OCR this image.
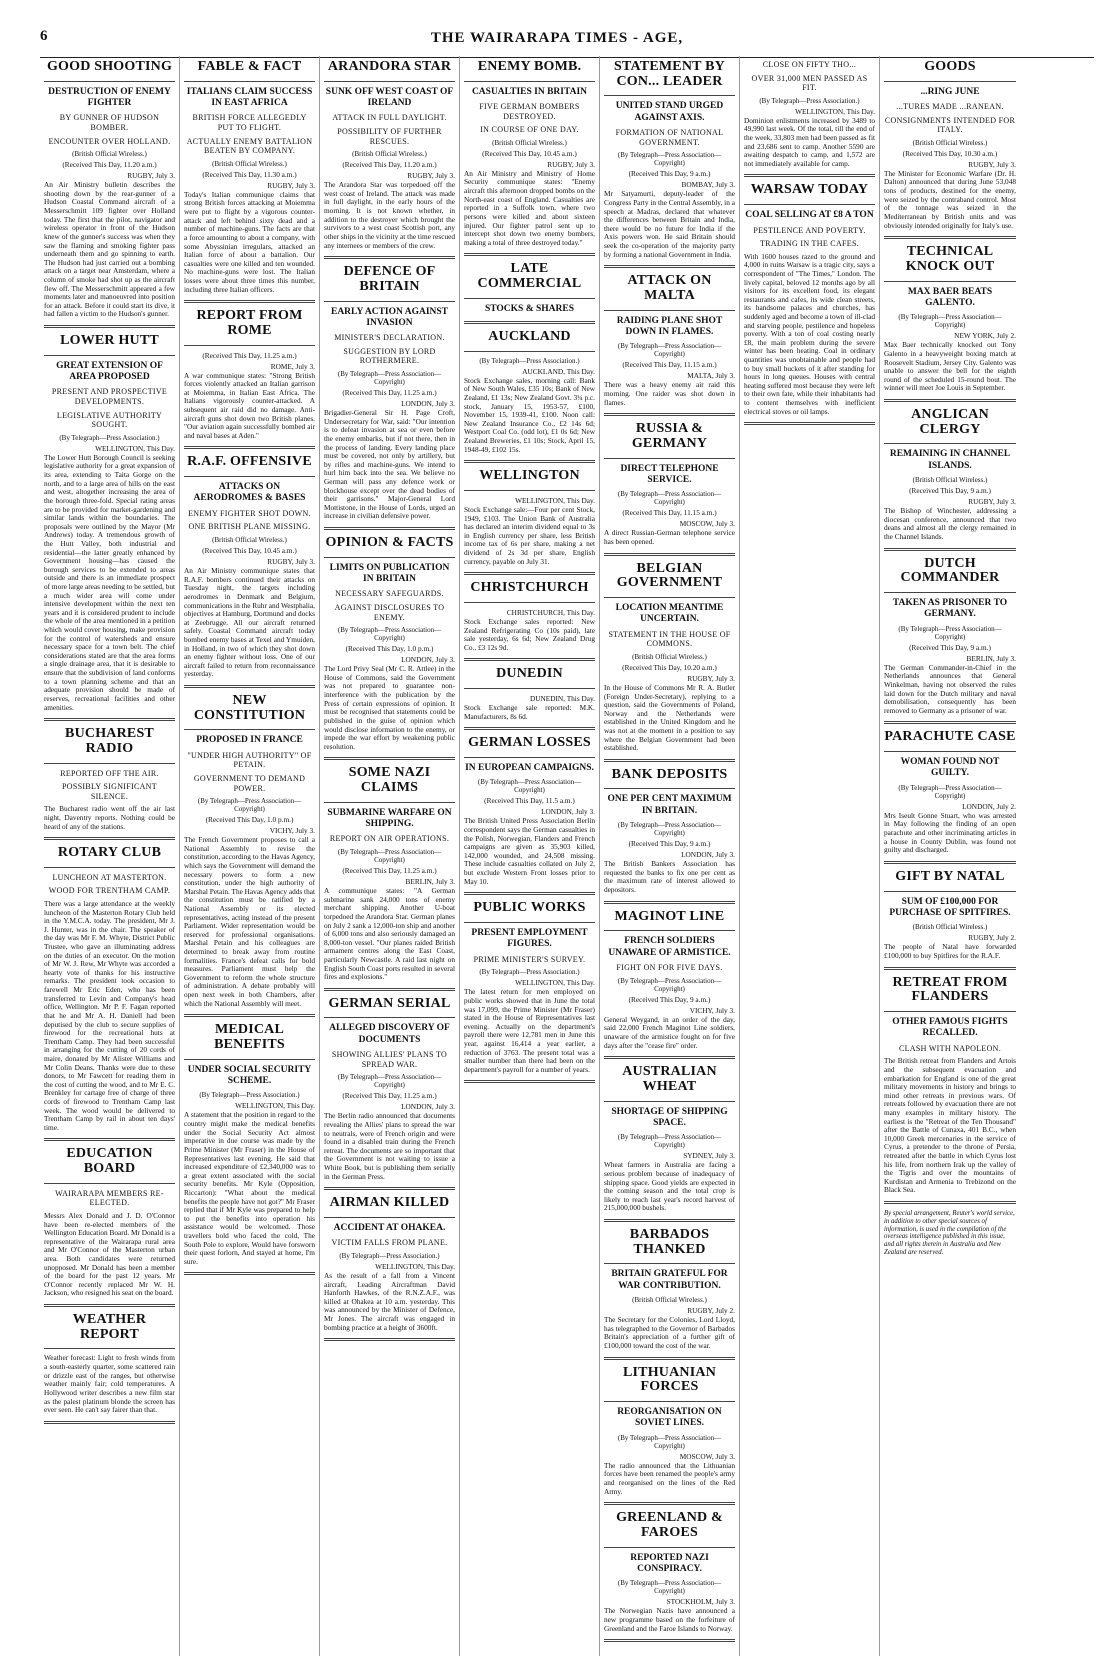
6	THE WAIRARAPA TIMES - AGE,
GOOD SHOOTING
DESTRUCTION OF ENEMY FIGHTER
BY GUNNER OF HUDSON BOMBER.
ENCOUNTER OVER HOLLAND.
(British Official Wireless.)
(Received This Day, 11.20 a.m.)
RUGBY, July 3.
An Air Ministry bulletin describes the shooting down by the rear-gunner of a Hudson Coastal Command aircraft of a Messerschmitt 109 fighter over Holland today. The first that the pilot, navigator and wireless operator in front of the Hudson knew of the gunner's success was when they saw the flaming and smoking fighter pass underneath them and go spinning to earth. The Hudson had just carried out a bombing attack on a target near Amsterdam, where a column of smoke had shot up as the aircraft flew off. The Messerschmitt appeared a few moments later and manoeuvred into position for an attack. Before it could start its dive, it had fallen a victim to the Hudson's gunner.
LOWER HUTT
GREAT EXTENSION OF AREA PROPOSED
PRESENT AND PROSPECTIVE DEVELOPMENTS.
LEGISLATIVE AUTHORITY SOUGHT.
(By Telegraph—Press Association.)
WELLINGTON, This Day.
The Lower Hutt Borough Council is seeking legislative authority for a great expansion of its area, extending to Taita Gorge on the north, and to a large area of hills on the east and west, altogether increasing the area of the borough three-fold. Special rating areas are to be provided for market-gardening and similar lands within the boundaries. The proposals were outlined by the Mayor (Mr Andrews) today. A tremendous growth of the Hutt Valley, both industrial and residential—the latter greatly enhanced by Government housing—has caused the borough services to be extended to areas outside and there is an immediate prospect of more large areas needing to be settled, but a much wider area will come under intensive development within the next ten years and it is considered prudent to include the whole of the area mentioned in a petition which would cover housing, make provision for the control of watersheds and ensure necessary space for a town belt. The chief considerations stated are that the area forms a single drainage area, that it is desirable to ensure that the subdivision of land conforms to a town planning scheme and that an adequate provision should be made of reserves, recreational facilities and other amenities.
BUCHAREST RADIO
REPORTED OFF THE AIR.
POSSIBLY SIGNIFICANT SILENCE.
The Bucharest radio went off the air last night, Daventry reports. Nothing could be heard of any of the stations.
ROTARY CLUB
LUNCHEON AT MASTERTON.
WOOD FOR TRENTHAM CAMP.
There was a large attendance at the weekly luncheon of the Masterton Rotary Club held in the Y.M.C.A. today. The president, Mr J. J. Hunter, was in the chair. The speaker of the day was Mr F. M. Whyte, District Public Trustee, who gave an illuminating address on the duties of an executor. On the motion of Mr W. J. Rew, Mr Whyte was accorded a hearty vote of thanks for his instructive remarks. The president took occasion to farewell Mr Eric Eden, who has been transferred to Levin and Company's head office, Wellington. Mr P. F. Fagan reported that he and Mr A. H. Daniell had been deputised by the club to secure supplies of firewood for the recreational huts at Trentham Camp. They had been successful in arranging for the cutting of 20 cords of maire, donated by Mr Alister Williams and Mr Colin Deans. Thanks were due to these donors, to Mr Fawcett for reading them in the cost of cutting the wood, and to Mr E. C. Brenkley for cartage free of charge of three cords of firewood to Trentham Camp last week. The wood would be delivered to Trentham Camp by rail in about ten days' time.
EDUCATION BOARD
WAIRARAPA MEMBERS RE-ELECTED.
Messrs Alex Donald and J. D. O'Connor have been re-elected members of the Wellington Education Board. Mr Donald is a representative of the Wairarapa rural area and Mr O'Connor of the Masterton urban area. Both candidates were returned unopposed. Mr Donald has been a member of the board for the past 12 years. Mr O'Connor recently replaced Mr W. H. Jackson, who resigned his seat on the board.
WEATHER REPORT
Weather forecast: Light to fresh winds from a south-easterly quarter, some scattered rain or drizzle east of the ranges, but otherwise weather mainly fair; cold temperatures. A Hollywood writer describes a new film star as the palest platinum blonde the screen has ever seen. He can't say fairer than that.
FABLE & FACT
ITALIANS CLAIM SUCCESS IN EAST AFRICA
BRITISH FORCE ALLEGEDLY PUT TO FLIGHT.
ACTUALLY ENEMY BATTALION BEATEN BY COMPANY.
(British Official Wireless.)
(Received This Day, 11.30 a.m.)
RUGBY, July 3.
Today's Italian communique claims that strong British forces attacking at Moiemma were put to flight by a vigorous counter-attack and left behind sixty dead and a number of machine-guns. The facts are that a force amounting to about a company, with some Abyssinian irregulars, attacked an Italian force of about a battalion. Our casualties were one killed and ten wounded. No machine-guns were lost. The Italian losses were about three times this number, including three Italian officers.
REPORT FROM ROME
(Received This Day, 11.25 a.m.)
ROME, July 3.
A war communique states: "Strong British forces violently attacked an Italian garrison at Moiemma, in Italian East Africa. The Italians vigorously counter-attacked. A subsequent air raid did no damage. Anti-aircraft guns shot down two British planes. "Our aviation again successfully bombed air and naval bases at Aden."
R.A.F. OFFENSIVE
ATTACKS ON AERODROMES & BASES
ENEMY FIGHTER SHOT DOWN.
ONE BRITISH PLANE MISSING.
(British Official Wireless.)
(Received This Day, 10.45 a.m.)
RUGBY, July 3.
An Air Ministry communique states that R.A.F. bombers continued their attacks on Tuesday night, the targets including aerodromes in Denmark and Belgium, communications in the Ruhr and Westphalia, objectives at Hamburg, Dortmund and docks at Zeebrugge. All our aircraft returned safely. Coastal Command aircraft today bombed enemy bases at Texel and Ymuiden, in Holland, in two of which they shot down an enemy fighter without loss. One of our aircraft failed to return from reconnaissance yesterday.
NEW CONSTITUTION
PROPOSED IN FRANCE
"UNDER HIGH AUTHORITY" OF PETAIN.
GOVERNMENT TO DEMAND POWER.
(By Telegraph—Press Association—Copyright)
(Received This Day, 1.0 p.m.)
VICHY, July 3.
The French Government proposes to call a National Assembly to revise the constitution, according to the Havas Agency, which says the Government will demand the necessary powers to form a new constitution, under the high authority of Marshal Petain. The Havas Agency adds that the constitution must be ratified by a National Assembly or its elected representatives, acting instead of the present Parliament. Wider representation would be reserved for professional organisations. Marshal Petain and his colleagues are determined to break away from routine formalities. France's defeat calls for bold measures. Parliament must help the Government to reform the whole structure of administration. A debate probably will open next week in both Chambers, after which the National Assembly will meet.
MEDICAL BENEFITS
UNDER SOCIAL SECURITY SCHEME.
(By Telegraph—Press Association.)
WELLINGTON, This Day.
A statement that the position in regard to the country might make the medical benefits under the Social Security Act almost imperative in due course was made by the Prime Minister (Mr Fraser) in the House of Representatives last evening. He said that increased expenditure of £2,340,000 was to a great extent associated with the social security benefits. Mr Kyle (Opposition, Riccarton): "What about the medical benefits the people have not got?" Mr Fraser replied that if Mr Kyle was prepared to help to put the benefits into operation his assistance would be welcomed. Those travellers bold who faced the cold, The South Pole to explore, Would have forsworn their quest forlorn, And stayed at home, I'm sure.
ARANDORA STAR
SUNK OFF WEST COAST OF IRELAND
ATTACK IN FULL DAYLIGHT.
POSSIBILITY OF FURTHER RESCUES.
(British Official Wireless.)
(Received This Day, 11.20 a.m.)
RUGBY, July 3.
The Arandora Star was torpedoed off the west coast of Ireland. The attack was made in full daylight, in the early hours of the morning. It is not known whether, in addition to the destroyer which brought the survivors to a west coast Scottish port, any other ships in the vicinity at the time rescued any internees or members of the crew.
DEFENCE OF BRITAIN
EARLY ACTION AGAINST INVASION
MINISTER'S DECLARATION.
SUGGESTION BY LORD ROTHERMERE.
(By Telegraph—Press Association—Copyright)
(Received This Day, 11.25 a.m.)
LONDON, July 3.
Brigadier-General Sir H. Page Croft, Undersecretary for War, said: "Our intention is to defeat invasion at sea or even before the enemy embarks, but if not there, then in the process of landing. Every landing place must be covered, not only by artillery, but by rifles and machine-guns. We intend to hurl him back into the sea. We believe no German will pass any defence work or blockhouse except over the dead bodies of their garrisons." Major-General Lord Mottistone, in the House of Lords, urged an increase in civilian defensive power.
OPINION & FACTS
LIMITS ON PUBLICATION IN BRITAIN
NECESSARY SAFEGUARDS.
AGAINST DISCLOSURES TO ENEMY.
(By Telegraph—Press Association—Copyright)
(Received This Day, 1.0 p.m.)
LONDON, July 3.
The Lord Privy Seal (Mr C. R. Attlee) in the House of Commons, said the Government was not prepared to guarantee non-interference with the publication by the Press of certain expressions of opinion. It must be recognised that statements could be published in the guise of opinion which would disclose information to the enemy, or impede the war effort by weakening public resolution.
SOME NAZI CLAIMS
SUBMARINE WARFARE ON SHIPPING.
REPORT ON AIR OPERATIONS.
(By Telegraph—Press Association—Copyright)
(Received This Day, 11.25 a.m.)
BERLIN, July 3.
A communique states: "A German submarine sank 24,000 tons of enemy merchant shipping. Another U-boat torpedoed the Arandora Star. German planes on July 2 sank a 12,000-ton ship and another of 6,000 tons and also seriously damaged an 8,000-ton vessel. "Our planes raided British armament centres along the East Coast, particularly Newcastle. A raid last night on English South Coast ports resulted in several fires and explosions."
GERMAN SERIAL
ALLEGED DISCOVERY OF DOCUMENTS
SHOWING ALLIES' PLANS TO SPREAD WAR.
(By Telegraph—Press Association—Copyright)
(Received This Day, 11.25 a.m.)
LONDON, July 3.
The Berlin radio announced that documents revealing the Allies' plans to spread the war to neutrals, were of French origin and were found in a disabled train during the French retreat. The documents are so important that the Government is not waiting to issue a White Book, but is publishing them serially in the German Press.
AIRMAN KILLED
ACCIDENT AT OHAKEA.
VICTIM FALLS FROM PLANE.
(By Telegraph—Press Association.)
WELLINGTON, This Day.
As the result of a fall from a Vincent aircraft, Leading Aircraftman David Hanforth Hawkes, of the R.N.Z.A.F., was killed at Ohakea at 10 a.m. yesterday. This was announced by the Minister of Defence, Mr Jones. The aircraft was engaged in bombing practice at a height of 3600ft.
ENEMY BOMB.
CASUALTIES IN BRITAIN
FIVE GERMAN BOMBERS DESTROYED.
IN COURSE OF ONE DAY.
(British Official Wireless.)
(Received This Day, 10.45 a.m.)
RUGBY, July 3.
An Air Ministry and Ministry of Home Security communique states: "Enemy aircraft this afternoon dropped bombs on the North-east coast of England. Casualties are reported in a Suffolk town, where two persons were killed and about sixteen injured. Our fighter patrol sent up to intercept shot down two enemy bombers, making a total of three destroyed today."
LATE COMMERCIAL
STOCKS & SHARES
AUCKLAND
(By Telegraph—Press Association.)
AUCKLAND, This Day.
Stock Exchange sales, morning call: Bank of New South Wales, £35 10s; Bank of New Zealand, £1 13s; New Zealand Govt. 3¼ p.c. stock, January 15, 1953-57, £100, November 15, 1939-41, £100. Noon call: New Zealand Insurance Co., £2 14s 6d; Westport Coal Co. (odd lot), £1 0s 6d; New Zealand Breweries, £1 10s; Stock, April 15, 1948-49, £102 15s.
WELLINGTON
WELLINGTON, This Day.
Stock Exchange sale:—Four per cent Stock, 1949, £103. The Union Bank of Australia has declared an interim dividend equal to 3s in English currency per share, less British income tax of 6s per share, making a net dividend of 2s 3d per share, English currency, payable on July 31.
CHRISTCHURCH
CHRISTCHURCH, This Day.
Stock Exchange sales reported: New Zealand Refrigerating Co (10s paid), late sale yesterday, 6s 6d; New Zealand Drug Co., £3 12s 9d.
DUNEDIN
DUNEDIN, This Day.
Stock Exchange sale reported: M.K. Manufacturers, 8s 6d.
GERMAN LOSSES
IN EUROPEAN CAMPAIGNS.
(By Telegraph—Press Association—Copyright)
(Received This Day, 11.5 a.m.)
LONDON, July 3.
The British United Press Association Berlin correspondent says the German casualties in the Polish, Norwegian, Flanders and French campaigns are given as 35,903 killed, 142,000 wounded, and 24,508 missing. These include casualties collated on July 2, but exclude Western Front losses prior to May 10.
PUBLIC WORKS
PRESENT EMPLOYMENT FIGURES.
PRIME MINISTER'S SURVEY.
(By Telegraph—Press Association.)
WELLINGTON, This Day.
The latest return for men employed on public works showed that in June the total was 17,099, the Prime Minister (Mr Fraser) stated in the House of Representatives last evening. Actually on the department's payroll there were 12,781 men in June this year, against 16,414 a year earlier, a reduction of 3763. The present total was a smaller number than there had been on the department's payroll for a number of years.
STATEMENT BY CON... LEADER
UNITED STAND URGED AGAINST AXIS.
FORMATION OF NATIONAL GOVERNMENT.
(By Telegraph—Press Association—Copyright)
(Received This Day, 9 a.m.)
BOMBAY, July 3.
Mr Satyamurti, deputy-leader of the Congress Party in the Central Assembly, in a speech at Madras, declared that whatever the differences between Britain and India, there would be no future for India if the Axis powers won. He said Britain should seek the co-operation of the majority party by forming a national Government in India.
ATTACK ON MALTA
RAIDING PLANE SHOT DOWN IN FLAMES.
(By Telegraph—Press Association—Copyright)
(Received This Day, 11.15 a.m.)
MALTA, July 3.
There was a heavy enemy air raid this morning. One raider was shot down in flames.
RUSSIA & GERMANY
DIRECT TELEPHONE SERVICE.
(By Telegraph—Press Association—Copyright)
(Received This Day, 11.15 a.m.)
MOSCOW, July 3.
A direct Russian-German telephone service has been opened.
BELGIAN GOVERNMENT
LOCATION MEANTIME UNCERTAIN.
STATEMENT IN THE HOUSE OF COMMONS.
(British Official Wireless.)
(Received This Day, 10.20 a.m.)
RUGBY, July 3.
In the House of Commons Mr R. A. Butler (Foreign Under-Secretary), replying to a question, said the Governments of Poland, Norway and the Netherlands were established in the United Kingdom and he was not at the moment in a position to say where the Belgian Government had been established.
BANK DEPOSITS
ONE PER CENT MAXIMUM IN BRITAIN.
(By Telegraph—Press Association—Copyright)
(Received This Day, 9 a.m.)
LONDON, July 3.
The British Bankers Association has requested the banks to fix one per cent as the maximum rate of interest allowed to depositors.
MAGINOT LINE
FRENCH SOLDIERS UNAWARE OF ARMISTICE.
FIGHT ON FOR FIVE DAYS.
(By Telegraph—Press Association—Copyright)
(Received This Day, 9 a.m.)
VICHY, July 3.
General Weygand, in an order of the day, said 22,000 French Maginot Line soldiers, unaware of the armistice fought on for five days after the "cease fire" order.
AUSTRALIAN WHEAT
SHORTAGE OF SHIPPING SPACE.
(By Telegraph—Press Association—Copyright)
SYDNEY, July 3.
Wheat farmers in Australia are facing a serious problem because of inadequacy of shipping space. Good yields are expected in the coming season and the total crop is likely to reach last year's record harvest of 215,000,000 bushels.
BARBADOS THANKED
BRITAIN GRATEFUL FOR WAR CONTRIBUTION.
(British Official Wireless.)
RUGBY, July 2.
The Secretary for the Colonies, Lord Lloyd, has telegraphed to the Governor of Barbados Britain's appreciation of a further gift of £100,000 toward the cost of the war.
LITHUANIAN FORCES
REORGANISATION ON SOVIET LINES.
(By Telegraph—Press Association—Copyright)
MOSCOW, July 3.
The radio announced that the Lithuanian forces have been renamed the people's army and reorganised on the lines of the Red Army.
GREENLAND & FAROES
REPORTED NAZI CONSPIRACY.
(By Telegraph—Press Association—Copyright)
STOCKHOLM, July 3.
The Norwegian Nazis have announced a new programme based on the forfeiture of Greenland and the Faroe Islands to Norway.
CLOSE ON FIFTY THO...
OVER 31,000 MEN PASSED AS FIT.
(By Telegraph—Press Association.)
WELLINGTON, This Day.
Dominion enlistments increased by 3489 to 49,990 last week. Of the total, till the end of the week, 33,803 men had been passed as fit and 23,686 sent to camp. Another 5590 are awaiting despatch to camp, and 1,572 are not immediately available for camp.
WARSAW TODAY
COAL SELLING AT £8 A TON
PESTILENCE AND POVERTY.
TRADING IN THE CAFES.
With 1600 houses razed to the ground and 4,000 in ruins Warsaw is a tragic city, says a correspondent of "The Times," London. The lively capital, beloved 12 months ago by all visitors for its excellent food, its elegant restaurants and cafes, its wide clean streets, its handsome palaces and churches, has suddenly aged and become a town of ill-clad and starving people, pestilence and hopeless poverty. With a ton of coal costing nearly £8, the main problem during the severe winter has been heating. Coal in ordinary quantities was unobtainable and people had to buy small buckets of it after standing for hours in long queues. Houses with central heating suffered most because they were left to their own fate, while their inhabitants had to content themselves with inefficient electrical stoves or oil lamps.
GOODS
...RING JUNE
...TURES MADE ...RANEAN.
CONSIGNMENTS INTENDED FOR ITALY.
(British Official Wireless.)
(Received This Day, 10.30 a.m.)
RUGBY, July 3.
The Minister for Economic Warfare (Dr. H. Dalton) announced that during June 53,048 tons of products, destined for the enemy, were seized by the contraband control. Most of the tonnage was seized in the Mediterranean by British units and was obviously intended originally for Italy's use.
TECHNICAL KNOCK OUT
MAX BAER BEATS GALENTO.
(By Telegraph—Press Association—Copyright)
NEW YORK, July 2.
Max Baer technically knocked out Tony Galento in a heavyweight boxing match at Roosevelt Stadium, Jersey City. Galento was unable to answer the bell for the eighth round of the scheduled 15-round bout. The winner will meet Joe Louis in September.
ANGLICAN CLERGY
REMAINING IN CHANNEL ISLANDS.
(British Official Wireless.)
(Received This Day, 9 a.m.)
RUGBY, July 3.
The Bishop of Winchester, addressing a diocesan conference, announced that two deans and almost all the clergy remained in the Channel Islands.
DUTCH COMMANDER
TAKEN AS PRISONER TO GERMANY.
(By Telegraph—Press Association—Copyright)
(Received This Day, 9 a.m.)
BERLIN, July 3.
The German Commander-in-Chief in the Netherlands announces that General Winkelman, having not observed the rules laid down for the Dutch military and naval demobilisation, consequently has been removed to Germany as a prisoner of war.
PARACHUTE CASE
WOMAN FOUND NOT GUILTY.
(By Telegraph—Press Association—Copyright)
LONDON, July 2.
Mrs Iseult Gonne Stuart, who was arrested in May following the finding of an open parachute and other incriminating articles in a house in County Dublin, was found not guilty and discharged.
GIFT BY NATAL
SUM OF £100,000 FOR PURCHASE OF SPITFIRES.
(British Official Wireless.)
RUGBY, July 2.
The people of Natal have forwarded £100,000 to buy Spitfires for the R.A.F.
RETREAT FROM FLANDERS
OTHER FAMOUS FIGHTS RECALLED.
CLASH WITH NAPOLEON.
The British retreat from Flanders and Artois and the subsequent evacuation and embarkation for England is one of the great military movements in history and brings to mind other retreats in previous wars. Of retreats followed by evacuation there are not many examples in military history. The earliest is the "Retreat of the Ten Thousand" after the Battle of Cunaxa, 401 B.C., when 10,000 Greek mercenaries in the service of Cyrus, a pretender to the throne of Persia, retreated after the battle in which Cyrus lost his life, from northern Irak up the valley of the Tigris and over the mountains of Kurdistan and Armenia to Trebizond on the Black Sea.
By special arrangement, Reuter's world service, in addition to other special sources of information, is used in the compilation of the overseas intelligence published in this issue, and all rights therein in Australia and New Zealand are reserved.
